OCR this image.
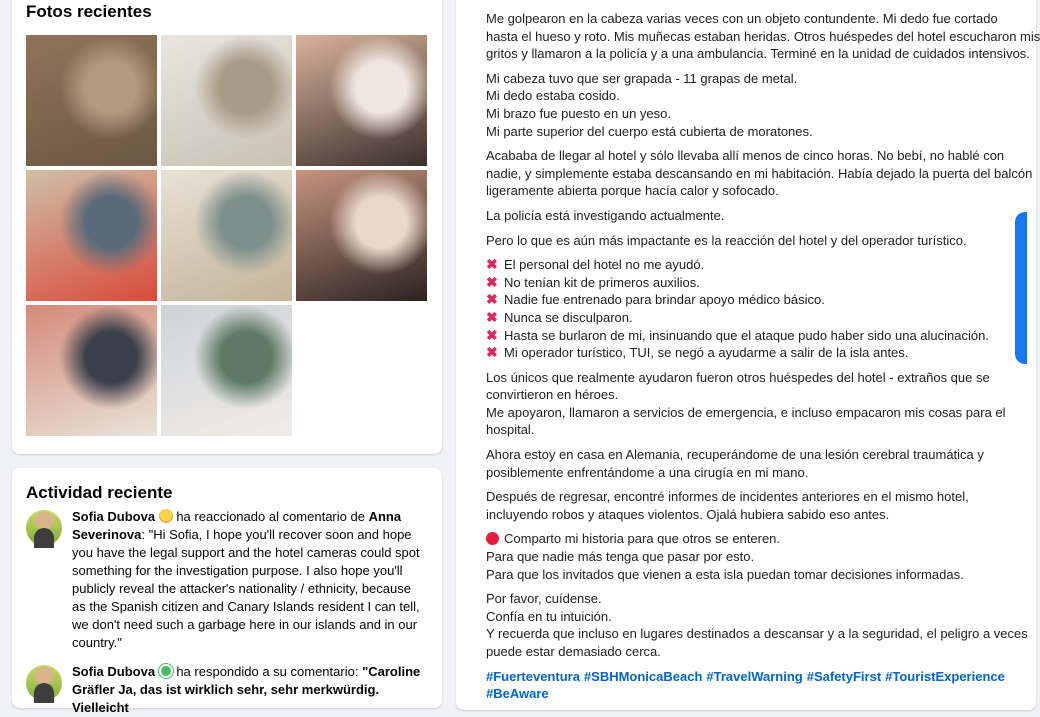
Fotos recientes
Actividad reciente
Sofia Dubova ha reaccionado al comentario de Anna Severinova: "Hi Sofia, I hope you'll recover soon and hope
you have the legal support and the hotel cameras could spot
something for the investigation purpose. I also hope you'll
publicly reveal the attacker's nationality / ethnicity, because
as the Spanish citizen and Canary Islands resident I can tell,
we don't need such a garbage here in our islands and in our
country."
Sofia Dubova ha respondido a su comentario: "Caroline
Gräfler Ja, das ist wirklich sehr, sehr merkwürdig. Vielleicht
Me golpearon en la cabeza varias veces con un objeto contundente. Mi dedo fue cortado
hasta el hueso y roto. Mis muñecas estaban heridas. Otros huéspedes del hotel escucharon mis
gritos y llamaron a la policía y a una ambulancia. Terminé en la unidad de cuidados intensivos.
Mi cabeza tuvo que ser grapada - 11 grapas de metal.
Mi dedo estaba cosido.
Mi brazo fue puesto en un yeso.
Mi parte superior del cuerpo está cubierta de moratones.
Acababa de llegar al hotel y sólo llevaba allí menos de cinco horas. No bebí, no hablé con
nadie, y simplemente estaba descansando en mi habitación. Había dejado la puerta del balcón
ligeramente abierta porque hacía calor y sofocado.
La policía está investigando actualmente.
Pero lo que es aún más impactante es la reacción del hotel y del operador turístico.
✖ El personal del hotel no me ayudó.
✖ No tenían kit de primeros auxilios.
✖ Nadie fue entrenado para brindar apoyo médico básico.
✖ Nunca se disculparon.
✖ Hasta se burlaron de mi, insinuando que el ataque pudo haber sido una alucinación.
✖ Mi operador turístico, TUI, se negó a ayudarme a salir de la isla antes.
Los únicos que realmente ayudaron fueron otros huéspedes del hotel - extraños que se
convirtieron en héroes.
Me apoyaron, llamaron a servicios de emergencia, e incluso empacaron mis cosas para el
hospital.
Ahora estoy en casa en Alemania, recuperándome de una lesión cerebral traumática y
posiblemente enfrentándome a una cirugía en mi mano.
Después de regresar, encontré informes de incidentes anteriores en el mismo hotel,
incluyendo robos y ataques violentos. Ojalá hubiera sabido eso antes.
Comparto mi historia para que otros se enteren.
Para que nadie más tenga que pasar por esto.
Para que los invitados que vienen a esta isla puedan tomar decisiones informadas.
Por favor, cuídense.
Confía en tu intuición.
Y recuerda que incluso en lugares destinados a descansar y a la seguridad, el peligro a veces
puede estar demasiado cerca.
#Fuerteventura #SBHMonicaBeach #TravelWarning #SafetyFirst #TouristExperience
#BeAware
